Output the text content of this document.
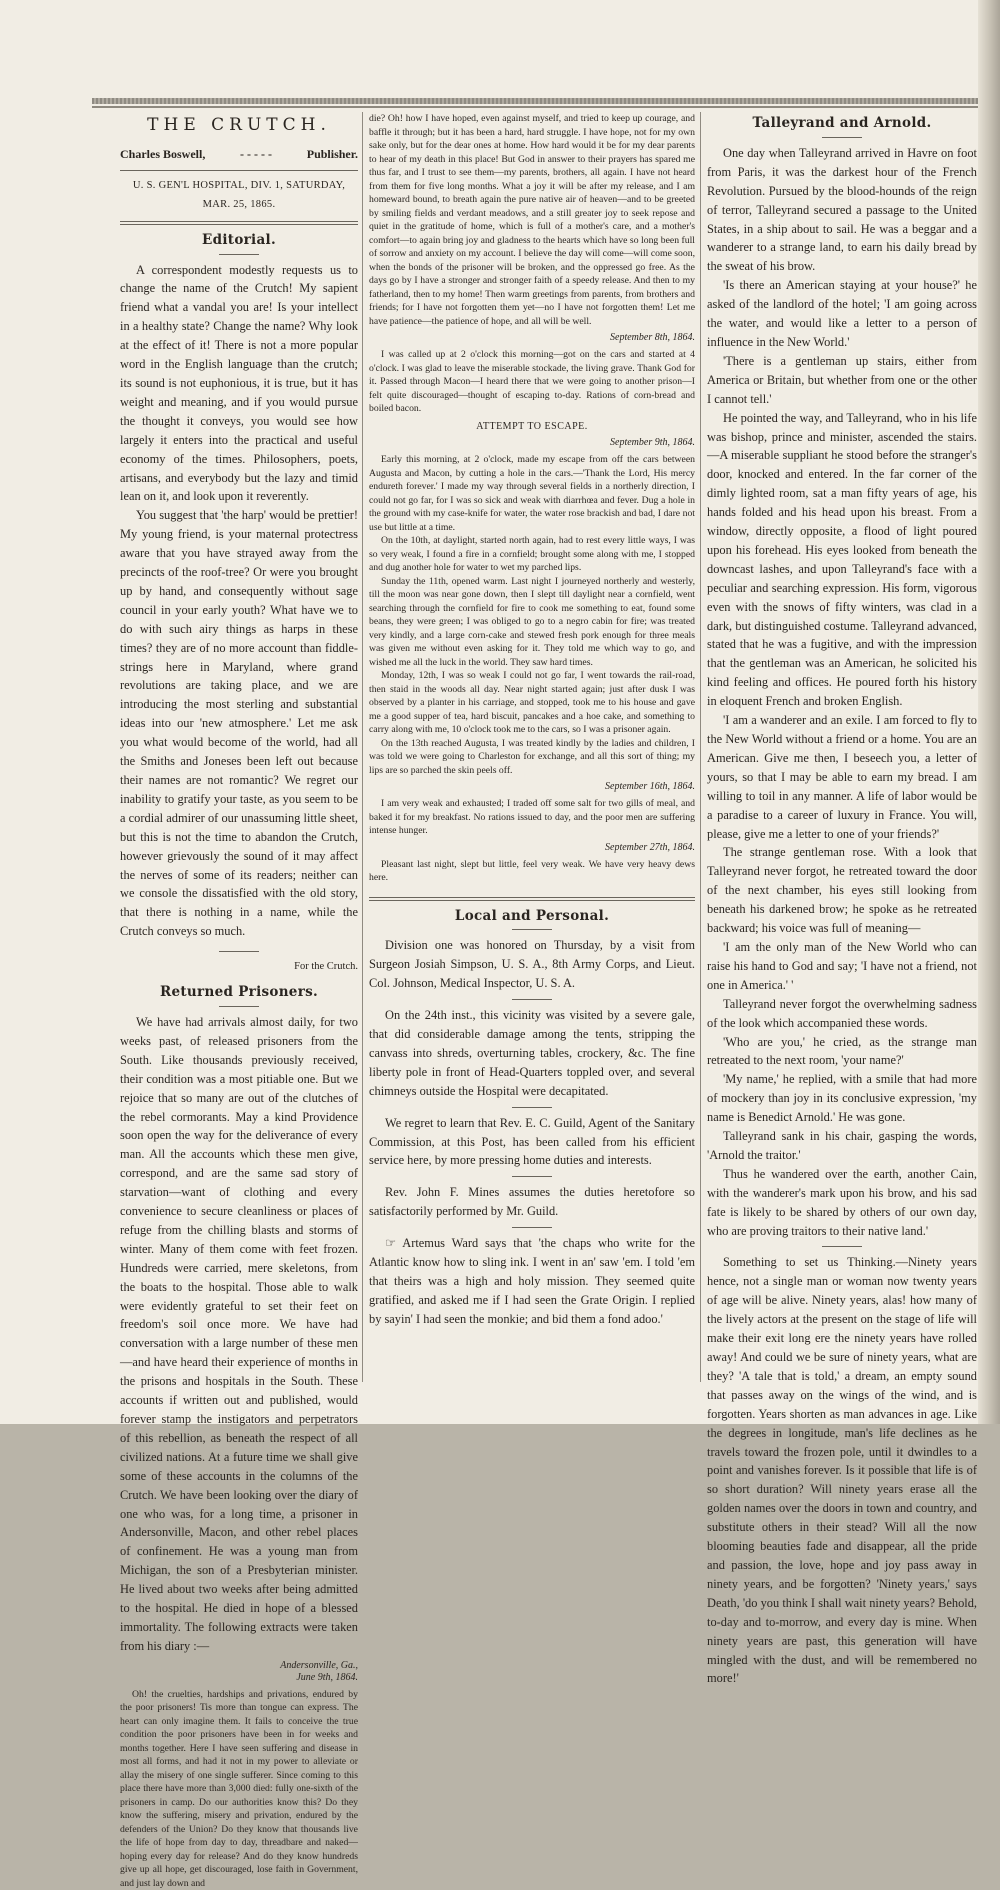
THE CRUTCH.
Charles Boswell,	- - - - -	Publisher.
U. S. GEN'L HOSPITAL, DIV. 1, SATURDAY, MAR. 25, 1865.
Editorial.

A correspondent modestly requests us to change the name of the Crutch! My sapient friend what a vandal you are! Is your intellect in a healthy state? Change the name? Why look at the effect of it! There is not a more popular word in the English language than the crutch; its sound is not euphonious, it is true, but it has weight and meaning, and if you would pursue the thought it conveys, you would see how largely it enters into the practical and useful economy of the times. Philosophers, poets, artisans, and everybody but the lazy and timid lean on it, and look upon it reverently.

You suggest that 'the harp' would be prettier! My young friend, is your maternal protectress aware that you have strayed away from the precincts of the roof-tree? Or were you brought up by hand, and consequently without sage council in your early youth? What have we to do with such airy things as harps in these times? they are of no more account than fiddle-strings here in Maryland, where grand revolutions are taking place, and we are introducing the most sterling and substantial ideas into our 'new atmosphere.' Let me ask you what would become of the world, had all the Smiths and Joneses been left out because their names are not romantic? We regret our inability to gratify your taste, as you seem to be a cordial admirer of our unassuming little sheet, but this is not the time to abandon the Crutch, however grievously the sound of it may affect the nerves of some of its readers; neither can we console the dissatisfied with the old story, that there is nothing in a name, while the Crutch conveys so much.

For the Crutch.
Returned Prisoners.

We have had arrivals almost daily, for two weeks past, of released prisoners from the South. Like thousands previously received, their condition was a most pitiable one. But we rejoice that so many are out of the clutches of the rebel cormorants. May a kind Providence soon open the way for the deliverance of every man. All the accounts which these men give, correspond, and are the same sad story of starvation—want of clothing and every convenience to secure cleanliness or places of refuge from the chilling blasts and storms of winter. Many of them come with feet frozen. Hundreds were carried, mere skeletons, from the boats to the hospital. Those able to walk were evidently grateful to set their feet on freedom's soil once more. We have had conversation with a large number of these men—and have heard their experience of months in the prisons and hospitals in the South. These accounts if written out and published, would forever stamp the instigators and perpetrators of this rebellion, as beneath the respect of all civilized nations. At a future time we shall give some of these accounts in the columns of the Crutch. We have been looking over the diary of one who was, for a long time, a prisoner in Andersonville, Macon, and other rebel places of confinement. He was a young man from Michigan, the son of a Presbyterian minister. He lived about two weeks after being admitted to the hospital. He died in hope of a blessed immortality. The following extracts were taken from his diary :—

Andersonville, Ga.,
June 9th, 1864.

Oh! the cruelties, hardships and privations, endured by the poor prisoners! Tis more than tongue can express. The heart can only imagine them. It fails to conceive the true condition the poor prisoners have been in for weeks and months together. Here I have seen suffering and disease in most all forms, and had it not in my power to alleviate or allay the misery of one single sufferer. Since coming to this place there have more than 3,000 died: fully one-sixth of the prisoners in camp. Do our authorities know this? Do they know the suffering, misery and privation, endured by the defenders of the Union? Do they know that thousands live the life of hope from day to day, threadbare and naked—hoping every day for release? And do they know hundreds give up all hope, get discouraged, lose faith in Government, and just lay down and

die? Oh! how I have hoped, even against myself, and tried to keep up courage, and baffle it through; but it has been a hard, hard struggle. I have hope, not for my own sake only, but for the dear ones at home. How hard would it be for my dear parents to hear of my death in this place! But God in answer to their prayers has spared me thus far, and I trust to see them—my parents, brothers, all again. I have not heard from them for five long months. What a joy it will be after my release, and I am homeward bound, to breath again the pure native air of heaven—and to be greeted by smiling fields and verdant meadows, and a still greater joy to seek repose and quiet in the gratitude of home, which is full of a mother's care, and a mother's comfort—to again bring joy and gladness to the hearts which have so long been full of sorrow and anxiety on my account. I believe the day will come—will come soon, when the bonds of the prisoner will be broken, and the oppressed go free. As the days go by I have a stronger and stronger faith of a speedy release. And then to my fatherland, then to my home! Then warm greetings from parents, from brothers and friends; for I have not forgotten them yet—no I have not forgotten them! Let me have patience—the patience of hope, and all will be well.

September 8th, 1864.

I was called up at 2 o'clock this morning—got on the cars and started at 4 o'clock. I was glad to leave the miserable stockade, the living grave. Thank God for it. Passed through Macon—I heard there that we were going to another prison—I felt quite discouraged—thought of escaping to-day. Rations of corn-bread and boiled bacon.

ATTEMPT TO ESCAPE.
September 9th, 1864.

Early this morning, at 2 o'clock, made my escape from off the cars between Augusta and Macon, by cutting a hole in the cars.—'Thank the Lord, His mercy endureth forever.' I made my way through several fields in a northerly direction, I could not go far, for I was so sick and weak with diarrhœa and fever. Dug a hole in the ground with my case-knife for water, the water rose brackish and bad, I dare not use but little at a time.

On the 10th, at daylight, started north again, had to rest every little ways, I was so very weak, I found a fire in a cornfield; brought some along with me, I stopped and dug another hole for water to wet my parched lips.

Sunday the 11th, opened warm. Last night I journeyed northerly and westerly, till the moon was near gone down, then I slept till daylight near a cornfield, went searching through the cornfield for fire to cook me something to eat, found some beans, they were green; I was obliged to go to a negro cabin for fire; was treated very kindly, and a large corn-cake and stewed fresh pork enough for three meals was given me without even asking for it. They told me which way to go, and wished me all the luck in the world. They saw hard times.

Monday, 12th, I was so weak I could not go far, I went towards the rail-road, then staid in the woods all day. Near night started again; just after dusk I was observed by a planter in his carriage, and stopped, took me to his house and gave me a good supper of tea, hard biscuit, pancakes and a hoe cake, and something to carry along with me, 10 o'clock took me to the cars, so I was a prisoner again.

On the 13th reached Augusta, I was treated kindly by the ladies and children, I was told we were going to Charleston for exchange, and all this sort of thing; my lips are so parched the skin peels off.

September 16th, 1864.

I am very weak and exhausted; I traded off some salt for two gills of meal, and baked it for my breakfast. No rations issued to day, and the poor men are suffering intense hunger.

September 27th, 1864.

Pleasant last night, slept but little, feel very weak. We have very heavy dews here.

Local and Personal.

Division one was honored on Thursday, by a visit from Surgeon Josiah Simpson, U. S. A., 8th Army Corps, and Lieut. Col. Johnson, Medical Inspector, U. S. A.

On the 24th inst., this vicinity was visited by a severe gale, that did considerable damage among the tents, stripping the canvass into shreds, overturning tables, crockery, &c. The fine liberty pole in front of Head-Quarters toppled over, and several chimneys outside the Hospital were decapitated.

We regret to learn that Rev. E. C. Guild, Agent of the Sanitary Commission, at this Post, has been called from his efficient service here, by more pressing home duties and interests.

Rev. John F. Mines assumes the duties heretofore so satisfactorily performed by Mr. Guild.

☞ Artemus Ward says that 'the chaps who write for the Atlantic know how to sling ink. I went in an' saw 'em. I told 'em that theirs was a high and holy mission. They seemed quite gratified, and asked me if I had seen the Grate Origin. I replied by sayin' I had seen the monkie; and bid them a fond adoo.'

Talleyrand and Arnold.

One day when Talleyrand arrived in Havre on foot from Paris, it was the darkest hour of the French Revolution. Pursued by the blood-hounds of the reign of terror, Talleyrand secured a passage to the United States, in a ship about to sail. He was a beggar and a wanderer to a strange land, to earn his daily bread by the sweat of his brow.

'Is there an American staying at your house?' he asked of the landlord of the hotel; 'I am going across the water, and would like a letter to a person of influence in the New World.'

'There is a gentleman up stairs, either from America or Britain, but whether from one or the other I cannot tell.'

He pointed the way, and Talleyrand, who in his life was bishop, prince and minister, ascended the stairs.—A miserable suppliant he stood before the stranger's door, knocked and entered. In the far corner of the dimly lighted room, sat a man fifty years of age, his hands folded and his head upon his breast. From a window, directly opposite, a flood of light poured upon his forehead. His eyes looked from beneath the downcast lashes, and upon Talleyrand's face with a peculiar and searching expression. His form, vigorous even with the snows of fifty winters, was clad in a dark, but distinguished costume. Talleyrand advanced, stated that he was a fugitive, and with the impression that the gentleman was an American, he solicited his kind feeling and offices. He poured forth his history in eloquent French and broken English.

'I am a wanderer and an exile. I am forced to fly to the New World without a friend or a home. You are an American. Give me then, I beseech you, a letter of yours, so that I may be able to earn my bread. I am willing to toil in any manner. A life of labor would be a paradise to a career of luxury in France. You will, please, give me a letter to one of your friends?'

The strange gentleman rose. With a look that Talleyrand never forgot, he retreated toward the door of the next chamber, his eyes still looking from beneath his darkened brow; he spoke as he retreated backward; his voice was full of meaning—

'I am the only man of the New World who can raise his hand to God and say; 'I have not a friend, not one in America.' '

Talleyrand never forgot the overwhelming sadness of the look which accompanied these words.

'Who are you,' he cried, as the strange man retreated to the next room, 'your name?'

'My name,' he replied, with a smile that had more of mockery than joy in its conclusive expression, 'my name is Benedict Arnold.' He was gone.

Talleyrand sank in his chair, gasping the words, 'Arnold the traitor.'

Thus he wandered over the earth, another Cain, with the wanderer's mark upon his brow, and his sad fate is likely to be shared by others of our own day, who are proving traitors to their native land.'

Something to set us Thinking.—Ninety years hence, not a single man or woman now twenty years of age will be alive. Ninety years, alas! how many of the lively actors at the present on the stage of life will make their exit long ere the ninety years have rolled away! And could we be sure of ninety years, what are they? 'A tale that is told,' a dream, an empty sound that passes away on the wings of the wind, and is forgotten. Years shorten as man advances in age. Like the degrees in longitude, man's life declines as he travels toward the frozen pole, until it dwindles to a point and vanishes forever. Is it possible that life is of so short duration? Will ninety years erase all the golden names over the doors in town and country, and substitute others in their stead? Will all the now blooming beauties fade and disappear, all the pride and passion, the love, hope and joy pass away in ninety years, and be forgotten? 'Ninety years,' says Death, 'do you think I shall wait ninety years? Behold, to-day and to-morrow, and every day is mine. When ninety years are past, this generation will have mingled with the dust, and will be remembered no more!'
